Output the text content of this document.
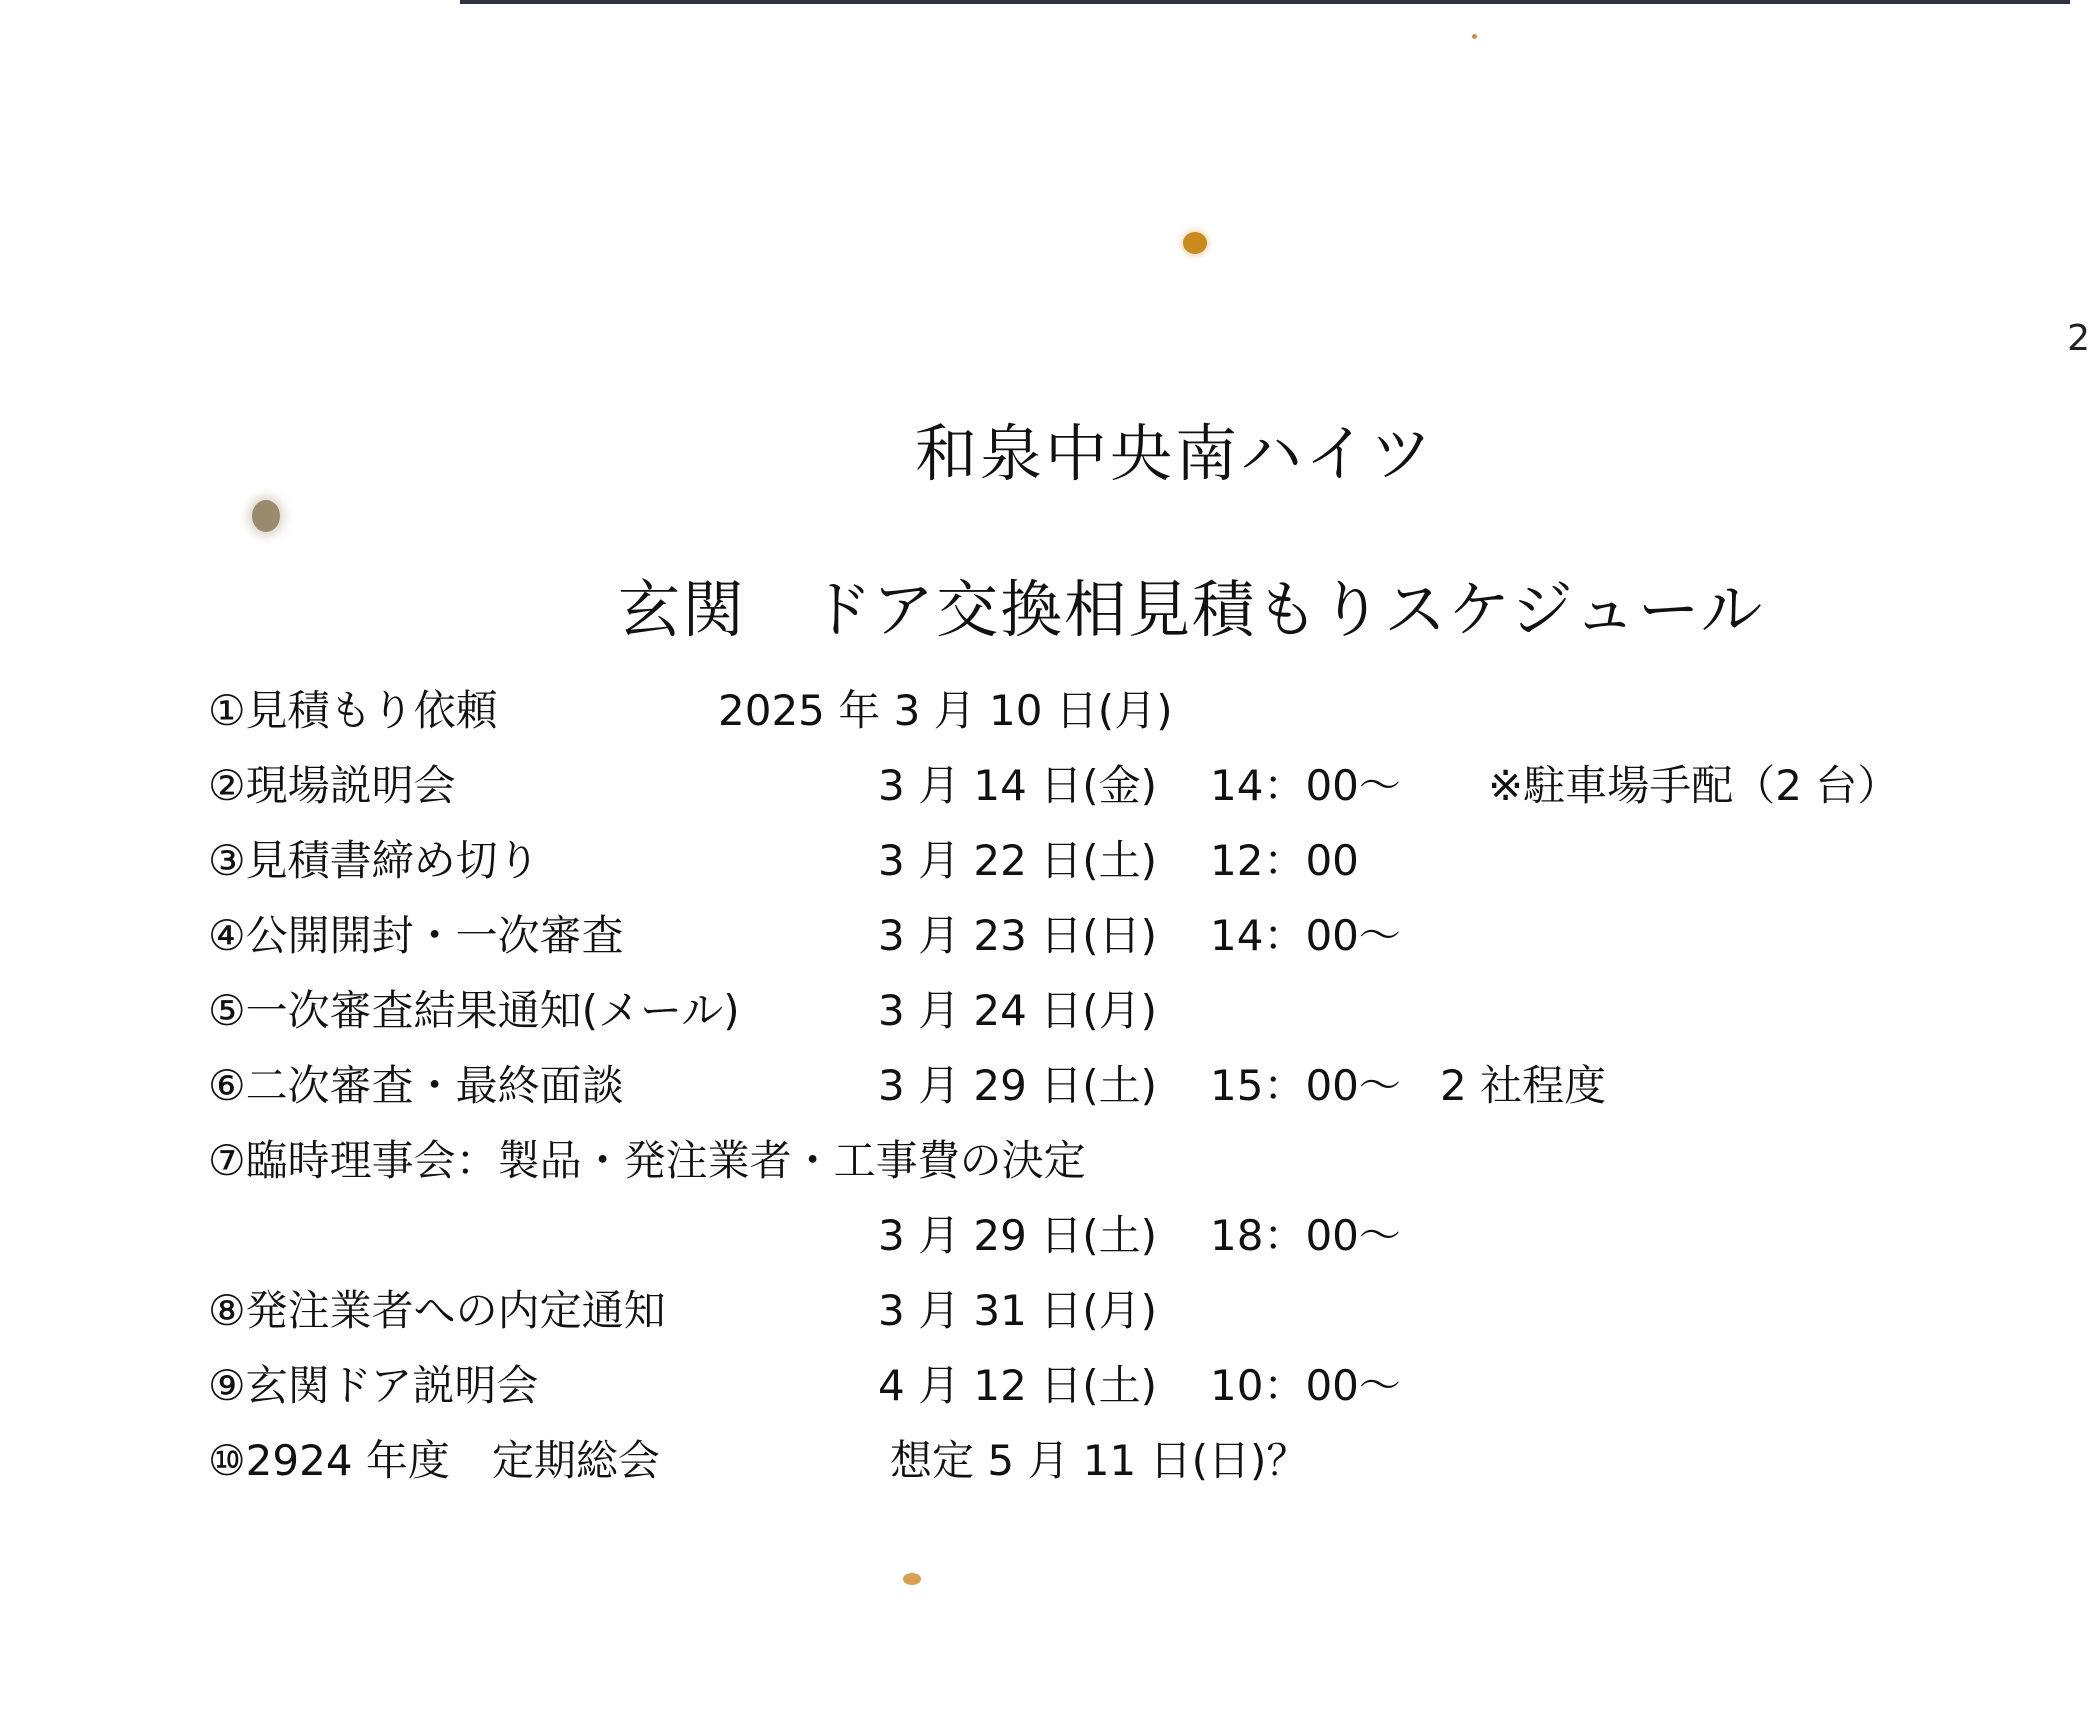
2
和泉中央南ハイツ
玄関　ドア交換相見積もりスケジュール
①見積もり依頼	2025 年 3 月 10 日(月)
②現場説明会	3 月 14 日(金) 14：00～ ※駐車場手配（2 台）
③見積書締め切り	3 月 22 日(土) 12：00
④公開開封・一次審査	3 月 23 日(日) 14：00～
⑤一次審査結果通知(メール)	3 月 24 日(月)
⑥二次審査・最終面談	3 月 29 日(土) 15：00～ 2 社程度
⑦臨時理事会：製品・発注業者・工事費の決定
3 月 29 日(土) 18：00～
⑧発注業者への内定通知	3 月 31 日(月)
⑨玄関ドア説明会	4 月 12 日(土) 10：00～
⑩2924 年度　定期総会	想定 5 月 11 日(日)？
